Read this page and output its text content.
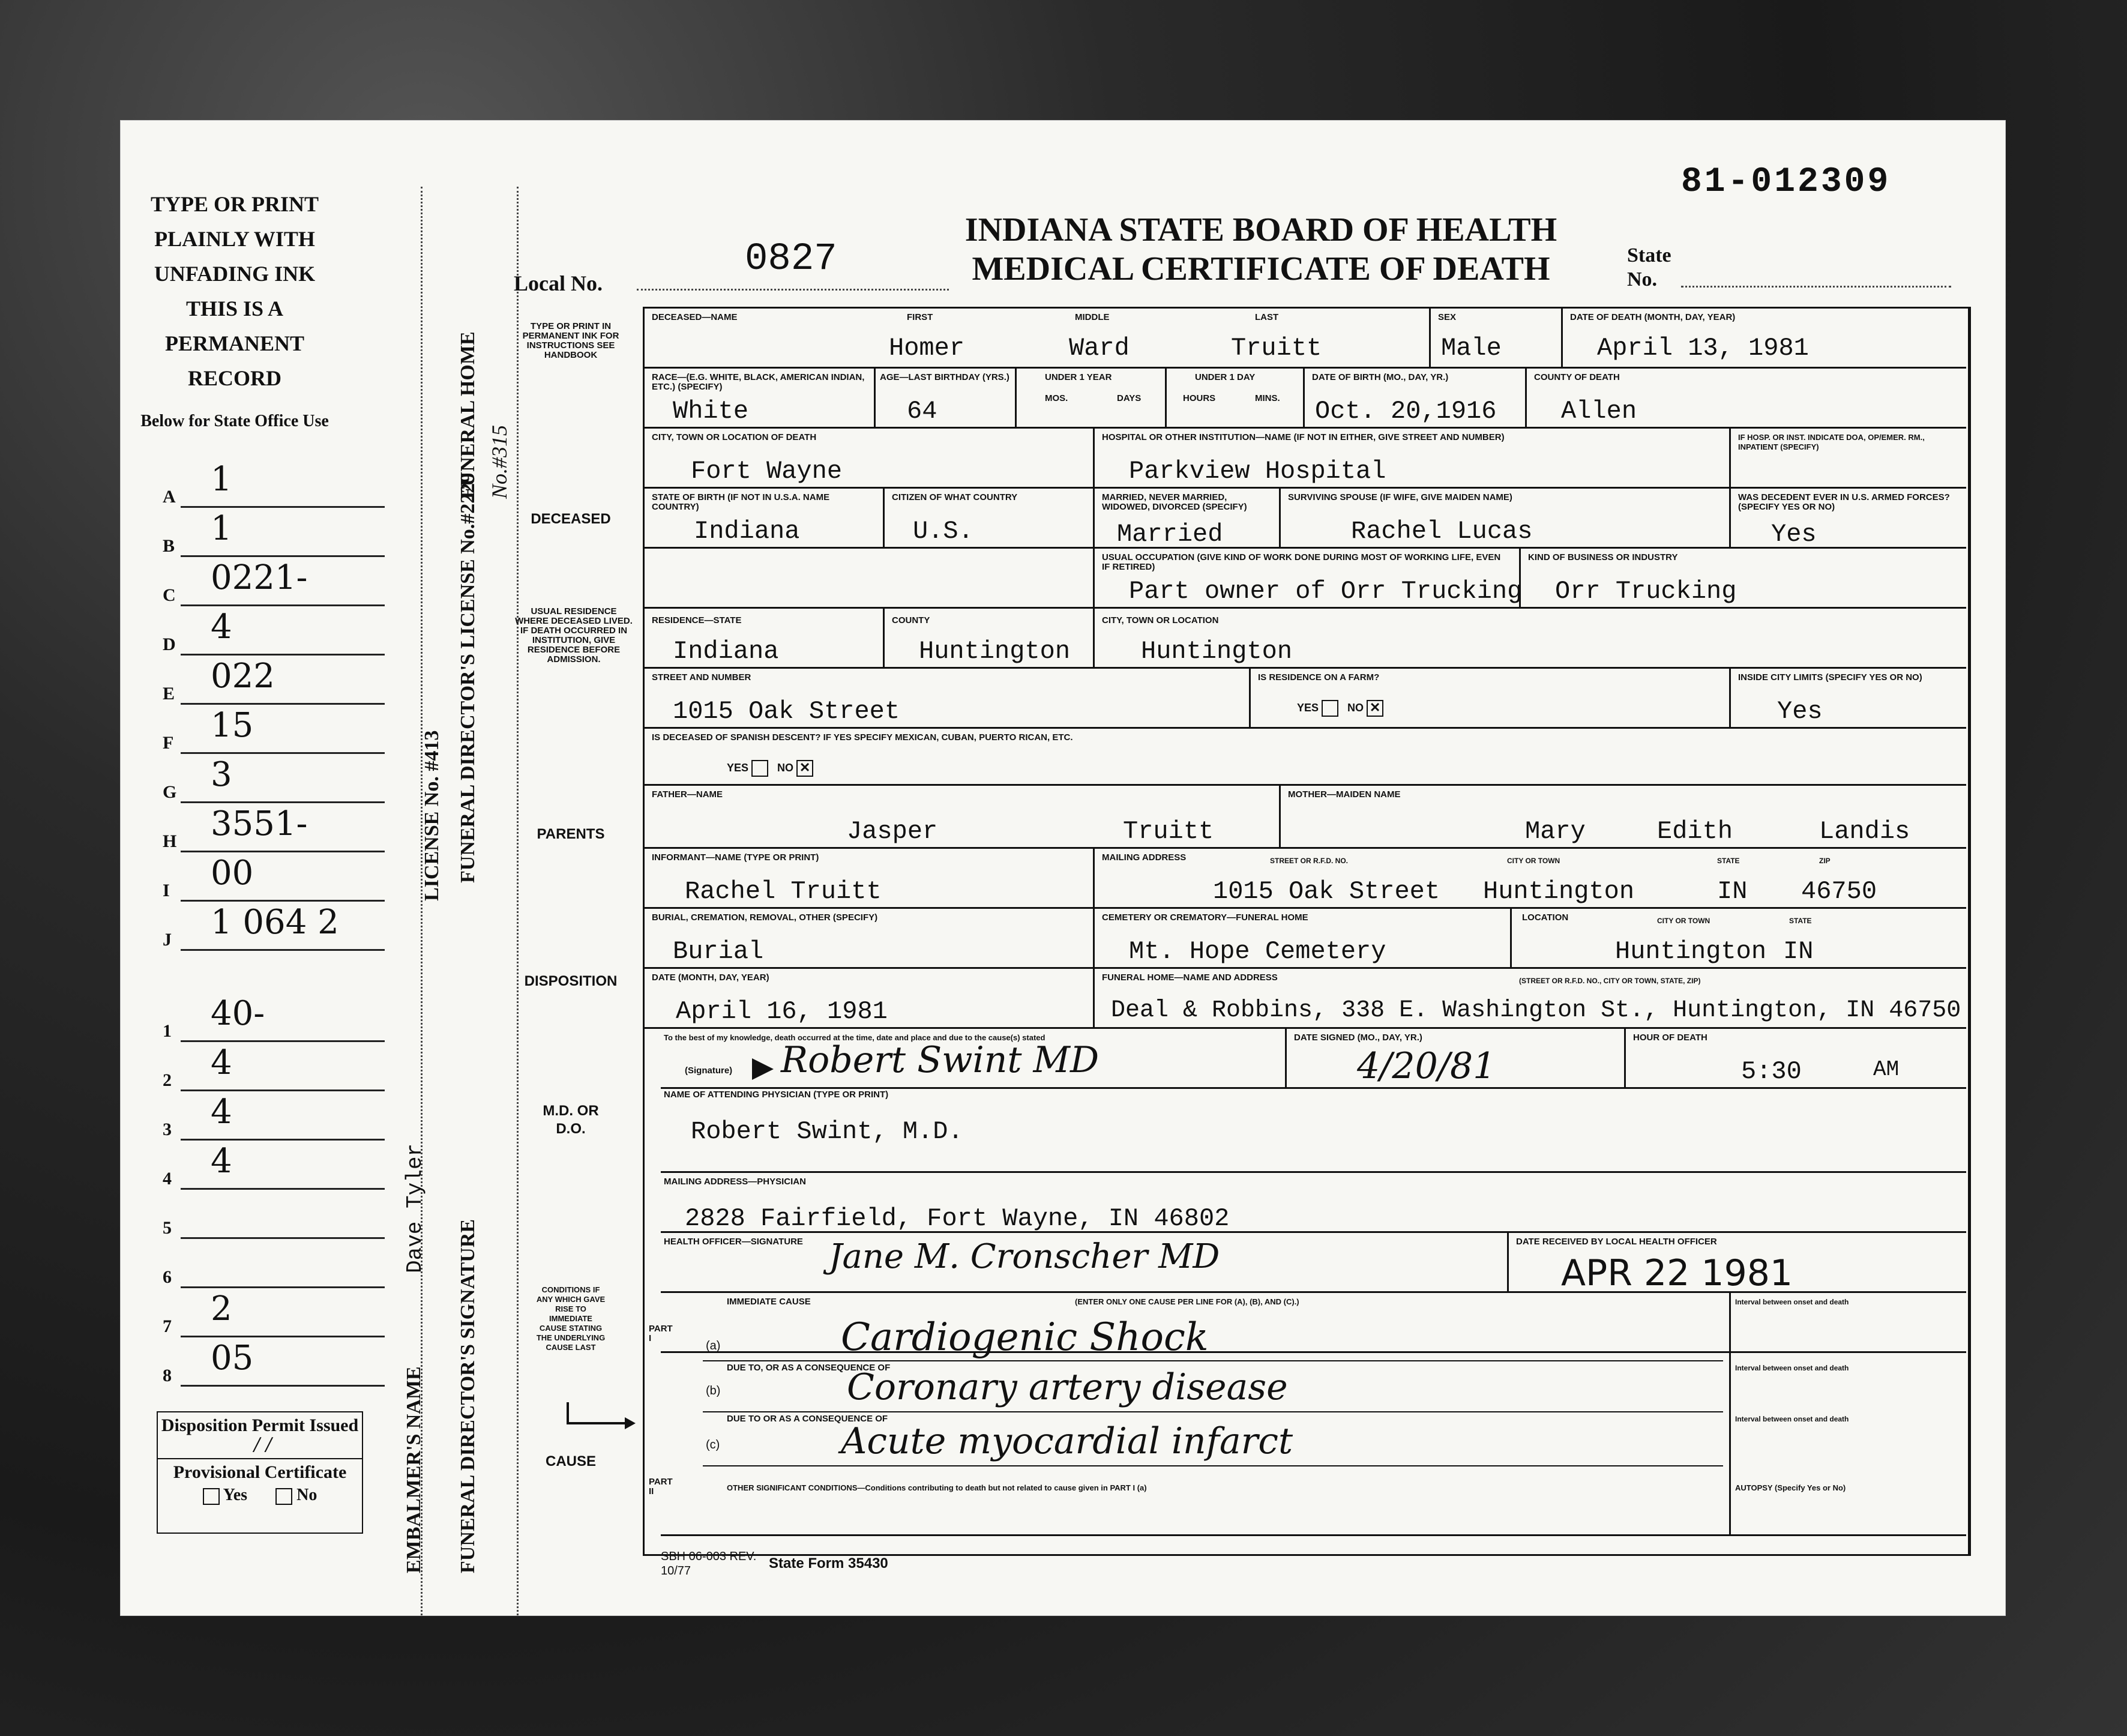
TYPE OR PRINT PLAINLY WITH UNFADING INK THIS IS A PERMANENT RECORD
Below for State Office Use
Disposition Permit Issued / /
Provisional Certificate
Yes	No
LICENSE No. #413
Dave Tyler
EMBALMER'S NAME
FUNERAL HOME No.#315
FUNERAL DIRECTOR'S LICENSE No.#2229
FUNERAL DIRECTOR'S SIGNATURE
TYPE OR PRINT IN PERMANENT INK FOR INSTRUCTIONS SEE HANDBOOK
DECEASED
USUAL RESIDENCE WHERE DECEASED LIVED. IF DEATH OCCURRED IN INSTITUTION, GIVE RESIDENCE BEFORE ADMISSION.
PARENTS
DISPOSITION
M.D. OR D.O.
CONDITIONS IF ANY WHICH GAVE RISE TO IMMEDIATE CAUSE STATING THE UNDERLYING CAUSE LAST
CAUSE
81-012309
INDIANA STATE BOARD OF HEALTH
MEDICAL CERTIFICATE OF DEATH
Local No.
0827	State No.
DECEASED—NAME	FIRST	MIDDLE	LAST
Homer	Ward	Truitt
SEX
Male
DATE OF DEATH (MONTH, DAY, YEAR)
April 13, 1981
RACE—(E.G. WHITE, BLACK, AMERICAN INDIAN, ETC.) (SPECIFY)
White
AGE—LAST BIRTHDAY (YRS.)
64
UNDER 1 YEAR
MOS.	DAYS
UNDER 1 DAY
HOURS	MINS.
DATE OF BIRTH (MO., DAY, YR.)
Oct. 20,1916
COUNTY OF DEATH
Allen
CITY, TOWN OR LOCATION OF DEATH
Fort Wayne
HOSPITAL OR OTHER INSTITUTION—NAME (IF NOT IN EITHER, GIVE STREET AND NUMBER)
Parkview Hospital
IF HOSP. OR INST. INDICATE DOA, OP/EMER. RM., INPATIENT (SPECIFY)
STATE OF BIRTH (IF NOT IN U.S.A. NAME COUNTRY)
Indiana
CITIZEN OF WHAT COUNTRY
U.S.
MARRIED, NEVER MARRIED, WIDOWED, DIVORCED (SPECIFY)
Married
SURVIVING SPOUSE (IF WIFE, GIVE MAIDEN NAME)
Rachel Lucas
WAS DECEDENT EVER IN U.S. ARMED FORCES? (SPECIFY YES OR NO)
Yes
USUAL OCCUPATION (GIVE KIND OF WORK DONE DURING MOST OF WORKING LIFE, EVEN IF RETIRED)
Part owner of Orr Trucking
KIND OF BUSINESS OR INDUSTRY
Orr Trucking
RESIDENCE—STATE
Indiana
COUNTY
Huntington
CITY, TOWN OR LOCATION
Huntington
STREET AND NUMBER
1015 Oak Street
IS RESIDENCE ON A FARM?
YES    NO ✕
INSIDE CITY LIMITS (SPECIFY YES OR NO)
Yes
IS DECEASED OF SPANISH DESCENT? IF YES SPECIFY MEXICAN, CUBAN, PUERTO RICAN, ETC.
YES    NO ✕
FATHER—NAME
Jasper	Truitt
MOTHER—MAIDEN NAME
Mary	Edith	Landis
INFORMANT—NAME (TYPE OR PRINT)
Rachel Truitt
MAILING ADDRESS	STREET OR R.F.D. NO.	CITY OR TOWN	STATE	ZIP
1015 Oak Street Huntington	IN 46750
BURIAL, CREMATION, REMOVAL, OTHER (SPECIFY)
Burial
CEMETERY OR CREMATORY—FUNERAL HOME
Mt. Hope Cemetery
LOCATION	CITY OR TOWN	STATE
Huntington IN
DATE (MONTH, DAY, YEAR)
April 16, 1981
FUNERAL HOME—NAME AND ADDRESS	(STREET OR R.F.D. NO., CITY OR TOWN, STATE, ZIP)
Deal & Robbins, 338 E. Washington St., Huntington, IN 46750
To the best of my knowledge, death occurred at the time, date and place and due to the cause(s) stated
(Signature) Robert Swint MD
DATE SIGNED (MO., DAY, YR.)
4/20/81
HOUR OF DEATH
5:30	AM
NAME OF ATTENDING PHYSICIAN (TYPE OR PRINT)
Robert Swint, M.D.
MAILING ADDRESS—PHYSICIAN
2828 Fairfield, Fort Wayne, IN 46802
HEALTH OFFICER—SIGNATURE Jane M. Cronscher MD	DATE RECEIVED BY LOCAL HEALTH OFFICER
APR 22 1981
IMMEDIATE CAUSE	(ENTER ONLY ONE CAUSE PER LINE FOR (A), (B), AND (C).)
PART I
(a)	Cardiogenic Shock
DUE TO, OR AS A CONSEQUENCE OF
(b)	Coronary artery disease
DUE TO OR AS A CONSEQUENCE OF
(c)	Acute myocardial infarct
PART II	OTHER SIGNIFICANT CONDITIONS—Conditions contributing to death but not related to cause given in PART I (a)
Interval between onset and death
Interval between onset and death
Interval between onset and death
AUTOPSY (Specify Yes or No)
SBH 06-003 REV. 10/77	State Form 35430
A 1
B 1
C 0221-
D 4
E 022
F 15
G 3
H 3551-
I 00
J 1 064 2
1 40-
2 4
3 4
4 4
5
6
7 2
8 05
